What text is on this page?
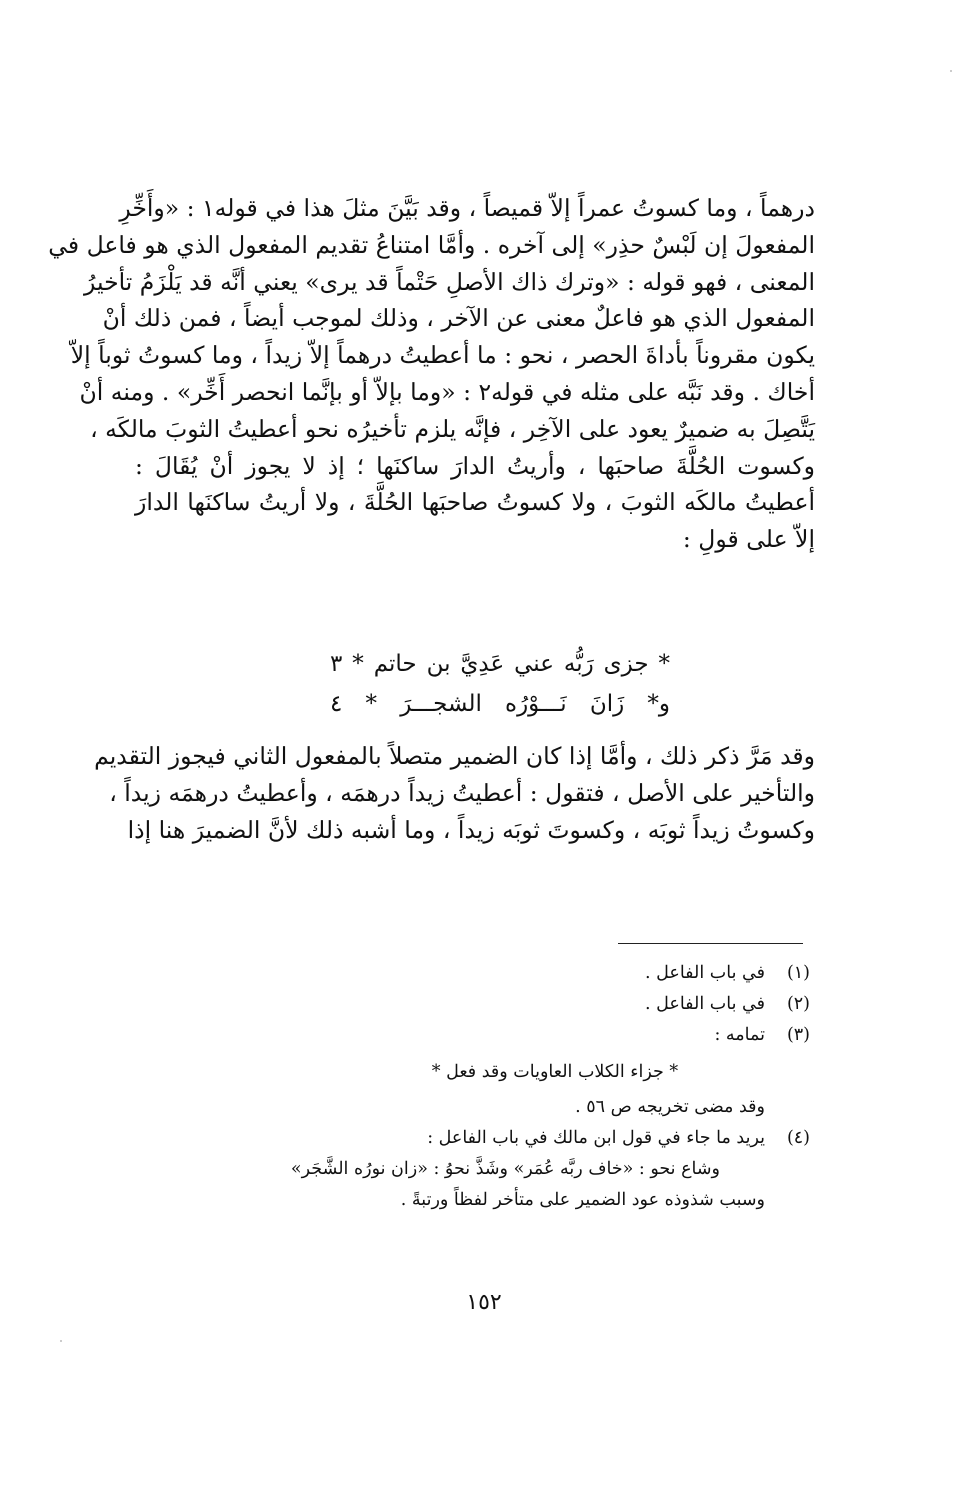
درهماً ، وما كسوتُ عمراً إلاّ قميصاً ، وقد بَيَّنَ مثلَ هذا في قوله١ : «وأَخِّرِ
المفعولَ إن لَبْسٌ حذِر» إلى آخره . وأمَّا امتناعُ تقديم المفعول الذي هو فاعل في
المعنى ، فهو قوله : «وترك ذاك الأصلِ حَتْماً قد يرى» يعني أنَّه قد يَلْزَمُ تأخيرُ
المفعول الذي هو فاعلٌ معنى عن الآخر ، وذلك لموجب أيضاً ، فمن ذلك أنْ
يكون مقروناً بأداةَ الحصر ، نحو : ما أعطيتُ درهماً إلاّ زيداً ، وما كسوتُ ثوباً إلاّ
أخاك . وقد نَبَّه على مثله في قوله٢ : «وما بإلاّ أو بإنَّما انحصر أَخِّر» . ومنه أنْ
يَتَّصِلَ به ضميرٌ يعود على الآخِر ، فإنَّه يلزم تأخيرُه نحو أعطيتُ الثوبَ مالكَه ،
وكسوت الحُلَّةَ صاحبَها ، وأريتُ الدارَ ساكنَها ؛ إذ لا يجوز أنْ يُقَالَ :
أعطيتُ مالكَه الثوبَ ، ولا كسوتُ صاحبَها الحُلَّةَ ، ولا أريتُ ساكنَها الدارَ
إلاّ على قولِ :
* جزى رَبُّه عني عَدِيَّ بن حاتم * ٣
و* زَانَ نَـــوْرُه الشجـــرَ * ٤
وقد مَرَّ ذكر ذلك ، وأمَّا إذا كان الضمير متصلاً بالمفعول الثاني فيجوز التقديم
والتأخير على الأصل ، فتقول : أعطيتُ زيداً درهمَه ، وأعطيتُ درهمَه زيداً ،
وكسوتُ زيداً ثوبَه ، وكسوتَ ثوبَه زيداً ، وما أشبه ذلك لأنَّ الضميرَ هنا إذا
(١)
في باب الفاعل .
(٢)
في باب الفاعل .
(٣)
تمامه :
* جزاء الكلاب العاويات وقد فعل *
وقد مضى تخريجه ص ٥٦ .
(٤)
يريد ما جاء في قول ابن مالك في باب الفاعل :
وشاع نحو : «خاف ربَّه عُمَر» وشَذَّ نحوُ : «زان نورُه الشَّجَر»
وسبب شذوذه عود الضمير على متأخر لفظاً ورتبةً .
١٥٢
